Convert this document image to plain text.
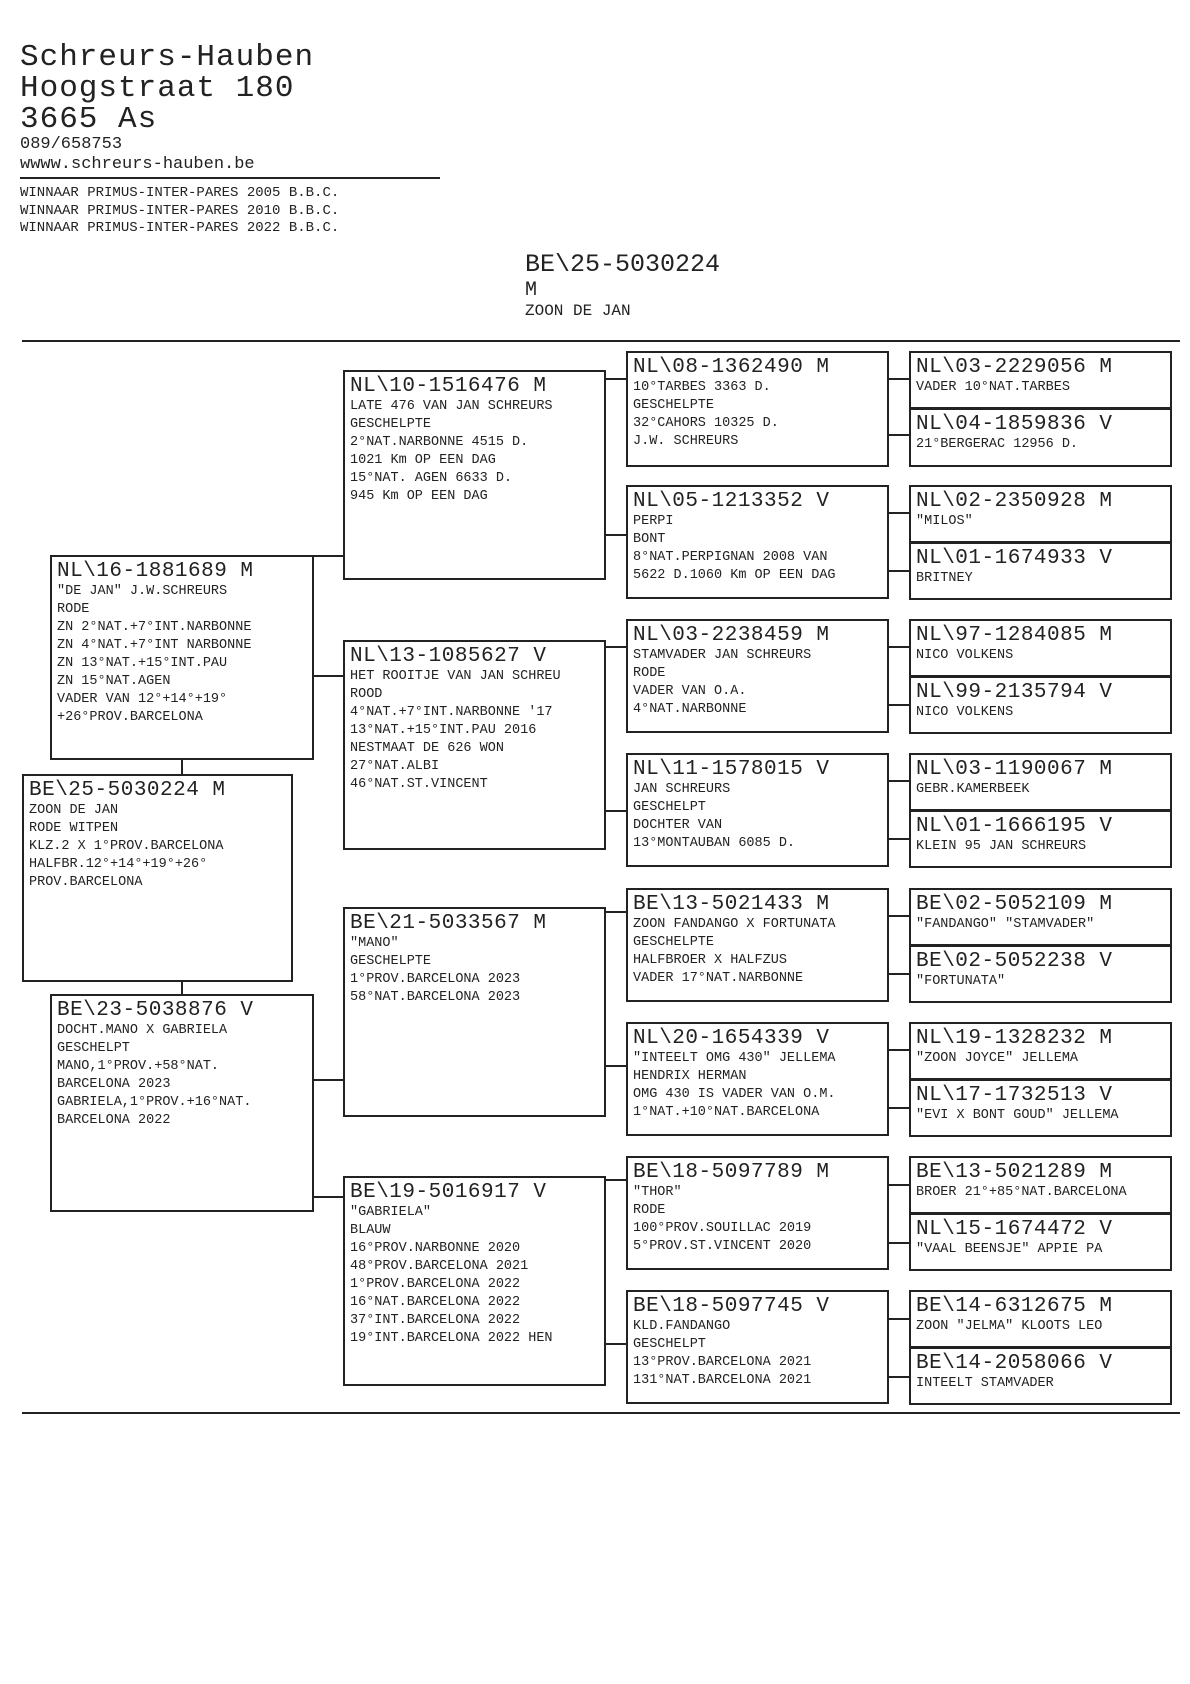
Schreurs-Hauben
Hoogstraat 180
3665 As
089/658753
wwww.schreurs-hauben.be
WINNAAR PRIMUS-INTER-PARES 2005 B.B.C.
WINNAAR PRIMUS-INTER-PARES 2010 B.B.C.
WINNAAR PRIMUS-INTER-PARES 2022 B.B.C.
BE\25-5030224
M
ZOON DE JAN
BE\25-5030224 M
ZOON DE JAN
RODE WITPEN
KLZ.2 X 1°PROV.BARCELONA
HALFBR.12°+14°+19°+26°
PROV.BARCELONA
NL\16-1881689 M
"DE JAN" J.W.SCHREURS
RODE
ZN 2°NAT.+7°INT.NARBONNE
ZN 4°NAT.+7°INT NARBONNE
ZN 13°NAT.+15°INT.PAU
ZN 15°NAT.AGEN
VADER VAN 12°+14°+19°
+26°PROV.BARCELONA
BE\23-5038876 V
DOCHT.MANO X GABRIELA
GESCHELPT
MANO,1°PROV.+58°NAT.
BARCELONA 2023
GABRIELA,1°PROV.+16°NAT.
BARCELONA 2022
NL\10-1516476 M
LATE 476 VAN JAN SCHREURS
GESCHELPTE
2°NAT.NARBONNE 4515 D.
1021 Km OP EEN DAG
15°NAT. AGEN 6633 D.
945 Km OP EEN DAG
NL\13-1085627 V
HET ROOITJE VAN JAN SCHREU
ROOD
4°NAT.+7°INT.NARBONNE '17
13°NAT.+15°INT.PAU 2016
NESTMAAT DE 626 WON
27°NAT.ALBI
46°NAT.ST.VINCENT
BE\21-5033567 M
"MANO"
GESCHELPTE
1°PROV.BARCELONA 2023
58°NAT.BARCELONA 2023
BE\19-5016917 V
"GABRIELA"
BLAUW
16°PROV.NARBONNE 2020
48°PROV.BARCELONA 2021
1°PROV.BARCELONA 2022
16°NAT.BARCELONA 2022
37°INT.BARCELONA 2022
19°INT.BARCELONA 2022 HEN
NL\08-1362490 M
10°TARBES 3363 D.
GESCHELPTE
32°CAHORS 10325 D.
J.W. SCHREURS
NL\05-1213352 V
PERPI
BONT
8°NAT.PERPIGNAN 2008 VAN
5622 D.1060 Km OP EEN DAG
NL\03-2238459 M
STAMVADER JAN SCHREURS
RODE
VADER VAN O.A.
4°NAT.NARBONNE
NL\11-1578015 V
JAN SCHREURS
GESCHELPT
DOCHTER VAN
13°MONTAUBAN 6085 D.
BE\13-5021433 M
ZOON FANDANGO X FORTUNATA
GESCHELPTE
HALFBROER X HALFZUS
VADER 17°NAT.NARBONNE
NL\20-1654339 V
"INTEELT OMG 430" JELLEMA
HENDRIX HERMAN
OMG 430 IS VADER VAN O.M.
1°NAT.+10°NAT.BARCELONA
BE\18-5097789 M
"THOR"
RODE
100°PROV.SOUILLAC 2019
5°PROV.ST.VINCENT 2020
BE\18-5097745 V
KLD.FANDANGO
GESCHELPT
13°PROV.BARCELONA 2021
131°NAT.BARCELONA 2021
NL\03-2229056 M
VADER 10°NAT.TARBES
NL\04-1859836 V
21°BERGERAC 12956 D.
NL\02-2350928 M
"MILOS"
NL\01-1674933 V
BRITNEY
NL\97-1284085 M
NICO VOLKENS
NL\99-2135794 V
NICO VOLKENS
NL\03-1190067 M
GEBR.KAMERBEEK
NL\01-1666195 V
KLEIN 95 JAN SCHREURS
BE\02-5052109 M
"FANDANGO" "STAMVADER"
BE\02-5052238 V
"FORTUNATA"
NL\19-1328232 M
"ZOON JOYCE" JELLEMA
NL\17-1732513 V
"EVI X BONT GOUD" JELLEMA
BE\13-5021289 M
BROER 21°+85°NAT.BARCELONA
NL\15-1674472 V
"VAAL BEENSJE" APPIE PA
BE\14-6312675 M
ZOON "JELMA" KLOOTS LEO
BE\14-2058066 V
INTEELT STAMVADER
